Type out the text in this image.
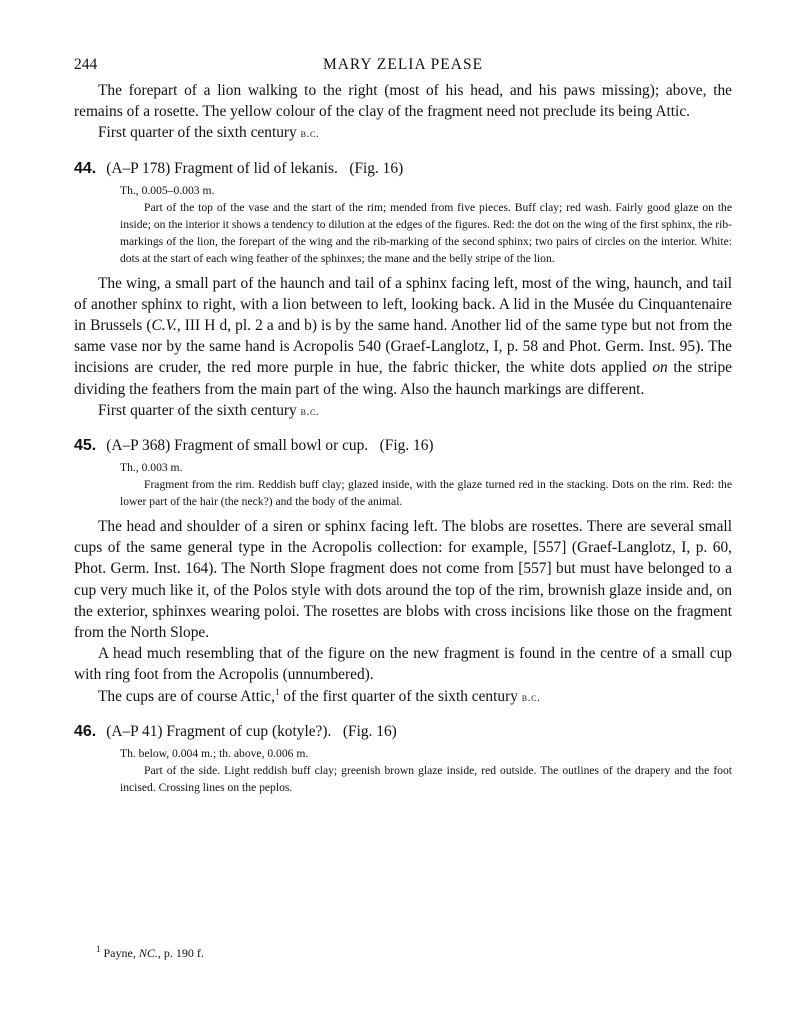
244	MARY ZELIA PEASE

The forepart of a lion walking to the right (most of his head, and his paws missing); above, the remains of a rosette. The yellow colour of the clay of the fragment need not preclude its being Attic.

First quarter of the sixth century b.c.

44. (A–P 178) Fragment of lid of lekanis.   (Fig. 16)

Th., 0.005–0.003 m.

Part of the top of the vase and the start of the rim; mended from five pieces. Buff clay; red wash. Fairly good glaze on the inside; on the interior it shows a tendency to dilution at the edges of the figures. Red: the dot on the wing of the first sphinx, the rib-markings of the lion, the forepart of the wing and the rib-marking of the second sphinx; two pairs of circles on the interior. White: dots at the start of each wing feather of the sphinxes; the mane and the belly stripe of the lion.

The wing, a small part of the haunch and tail of a sphinx facing left, most of the wing, haunch, and tail of another sphinx to right, with a lion between to left, looking back. A lid in the Musée du Cinquantenaire in Brussels (C.V., III H d, pl. 2 a and b) is by the same hand. Another lid of the same type but not from the same vase nor by the same hand is Acropolis 540 (Graef-Langlotz, I, p. 58 and Phot. Germ. Inst. 95). The incisions are cruder, the red more purple in hue, the fabric thicker, the white dots applied on the stripe dividing the feathers from the main part of the wing. Also the haunch markings are different.

First quarter of the sixth century b.c.

45. (A–P 368) Fragment of small bowl or cup.   (Fig. 16)

Th., 0.003 m.

Fragment from the rim. Reddish buff clay; glazed inside, with the glaze turned red in the stacking. Dots on the rim. Red: the lower part of the hair (the neck?) and the body of the animal.

The head and shoulder of a siren or sphinx facing left. The blobs are rosettes. There are several small cups of the same general type in the Acropolis collection: for example, [557] (Graef-Langlotz, I, p. 60, Phot. Germ. Inst. 164). The North Slope fragment does not come from [557] but must have belonged to a cup very much like it, of the Polos style with dots around the top of the rim, brownish glaze inside and, on the exterior, sphinxes wearing poloi. The rosettes are blobs with cross incisions like those on the fragment from the North Slope.

A head much resembling that of the figure on the new fragment is found in the centre of a small cup with ring foot from the Acropolis (unnumbered).

The cups are of course Attic,$^1$ of the first quarter of the sixth century b.c.

46. (A–P 41) Fragment of cup (kotyle?).   (Fig. 16)

Th. below, 0.004 m.; th. above, 0.006 m.

Part of the side. Light reddish buff clay; greenish brown glaze inside, red outside. The outlines of the drapery and the foot incised. Crossing lines on the peplos.

$^1$ Payne, NC., p. 190 f.
